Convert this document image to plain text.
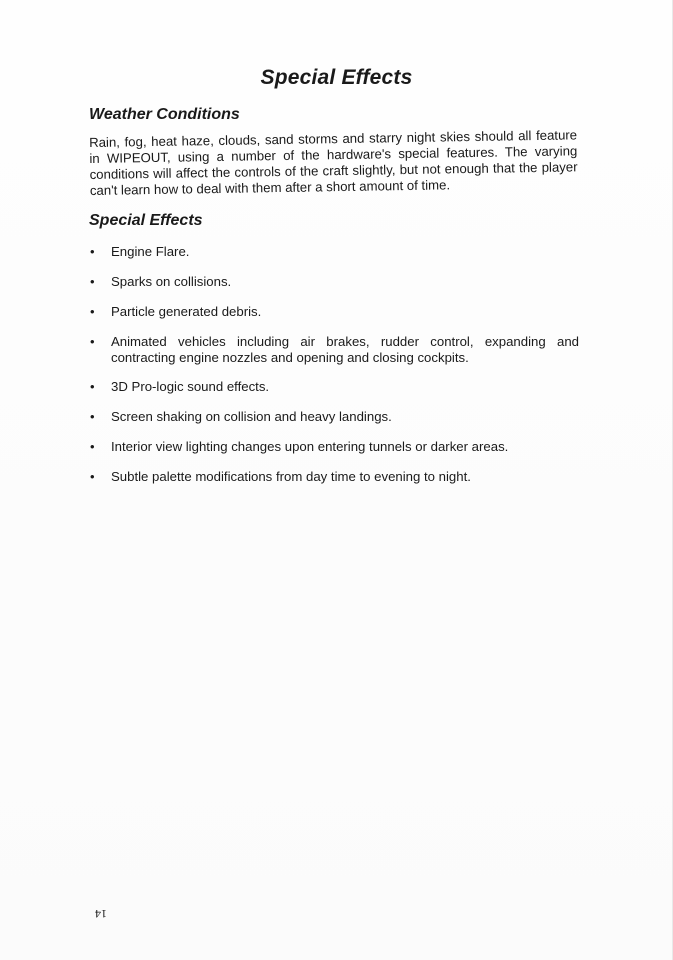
Special Effects
Weather Conditions
Rain, fog, heat haze, clouds, sand storms and starry night skies should all feature in WIPEOUT, using a number of the hardware's special features. The varying conditions will affect the controls of the craft slightly, but not enough that the player can't learn how to deal with them after a short amount of time.
Special Effects
• Engine Flare.
• Sparks on collisions.
• Particle generated debris.
• Animated vehicles including air brakes, rudder control, expanding and contracting engine nozzles and opening and closing cockpits.
• 3D Pro-logic sound effects.
• Screen shaking on collision and heavy landings.
• Interior view lighting changes upon entering tunnels or darker areas.
• Subtle palette modifications from day time to evening to night.
14
